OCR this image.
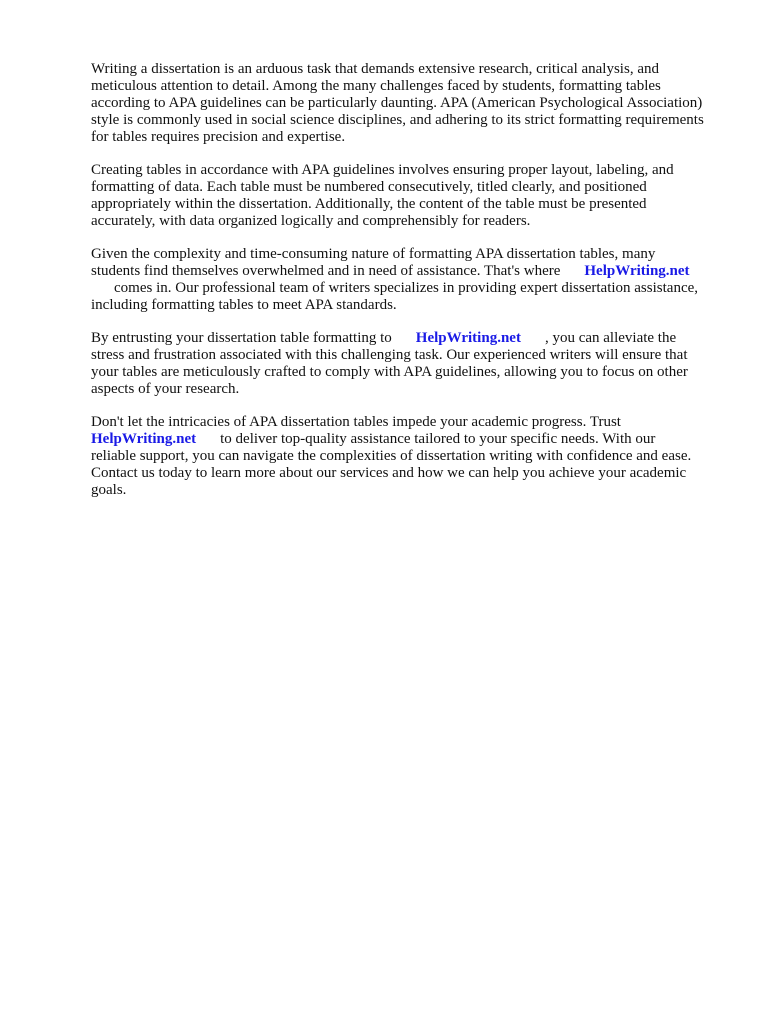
Writing a dissertation is an arduous task that demands extensive research, critical analysis, and
meticulous attention to detail. Among the many challenges faced by students, formatting tables
according to APA guidelines can be particularly daunting. APA (American Psychological Association)
style is commonly used in social science disciplines, and adhering to its strict formatting requirements
for tables requires precision and expertise.

Creating tables in accordance with APA guidelines involves ensuring proper layout, labeling, and
formatting of data. Each table must be numbered consecutively, titled clearly, and positioned
appropriately within the dissertation. Additionally, the content of the table must be presented
accurately, with data organized logically and comprehensibly for readers.

Given the complexity and time-consuming nature of formatting APA dissertation tables, many
students find themselves overwhelmed and in need of assistance. That's where HelpWriting.net
comes in. Our professional team of writers specializes in providing expert dissertation assistance,
including formatting tables to meet APA standards.

By entrusting your dissertation table formatting to HelpWriting.net , you can alleviate the
stress and frustration associated with this challenging task. Our experienced writers will ensure that
your tables are meticulously crafted to comply with APA guidelines, allowing you to focus on other
aspects of your research.

Don't let the intricacies of APA dissertation tables impede your academic progress. Trust
HelpWriting.net to deliver top-quality assistance tailored to your specific needs. With our
reliable support, you can navigate the complexities of dissertation writing with confidence and ease.
Contact us today to learn more about our services and how we can help you achieve your academic
goals.
